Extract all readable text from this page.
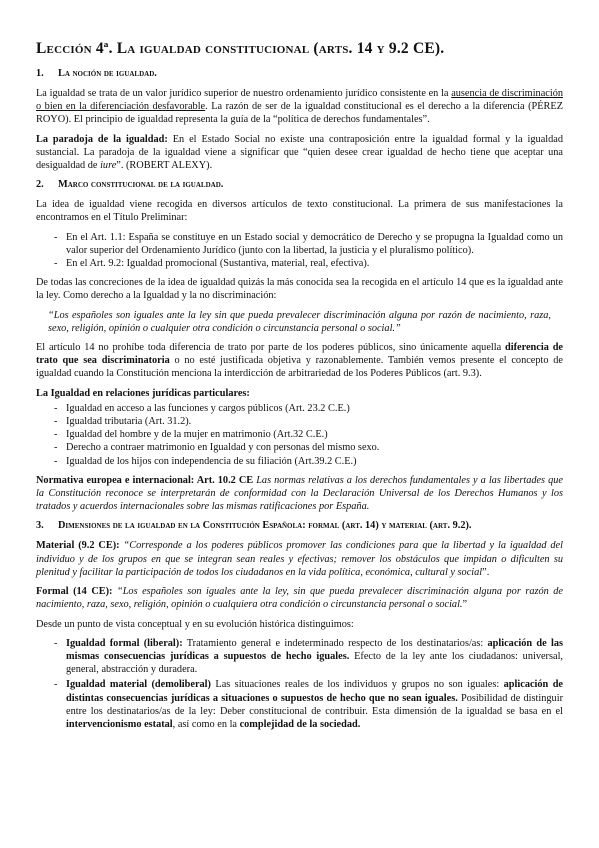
Lección 4ª. La igualdad constitucional (arts. 14 y 9.2 CE).
1. La noción de igualdad.

La igualdad se trata de un valor jurídico superior de nuestro ordenamiento jurídico consistente en la ausencia de discriminación o bien en la diferenciación desfavorable. La razón de ser de la igualdad constitucional es el derecho a la diferencia (PÉREZ ROYO). El principio de igualdad representa la guía de la “política de derechos fundamentales”.

La paradoja de la igualdad: En el Estado Social no existe una contraposición entre la igualdad formal y la igualdad sustancial. La paradoja de la igualdad viene a significar que “quien desee crear igualdad de hecho tiene que aceptar una desigualdad de iure”. (ROBERT ALEXY).

2. Marco constitucional de la igualdad.

La idea de igualdad viene recogida en diversos artículos de texto constitucional. La primera de sus manifestaciones la encontramos en el Título Preliminar:

- En el Art. 1.1: España se constituye en un Estado social y democrático de Derecho y se propugna la Igualdad como un valor superior del Ordenamiento Jurídico (junto con la libertad, la justicia y el pluralismo político).
- En el Art. 9.2: Igualdad promocional (Sustantiva, material, real, efectiva).

De todas las concreciones de la idea de igualdad quizás la más conocida sea la recogida en el artículo 14 que es la igualdad ante la ley. Como derecho a la Igualdad y la no discriminación:

“Los españoles son iguales ante la ley sin que pueda prevalecer discriminación alguna por razón de nacimiento, raza, sexo, religión, opinión o cualquier otra condición o circunstancia personal o social.”

El artículo 14 no prohíbe toda diferencia de trato por parte de los poderes públicos, sino únicamente aquella diferencia de trato que sea discriminatoria o no esté justificada objetiva y razonablemente. También vemos presente el concepto de igualdad cuando la Constitución menciona la interdicción de arbitrariedad de los Poderes Públicos (art. 9.3).

La Igualdad en relaciones jurídicas particulares:

- Igualdad en acceso a las funciones y cargos públicos (Art. 23.2 C.E.)
- Igualdad tributaria (Art. 31.2).
- Igualdad del hombre y de la mujer en matrimonio (Art.32 C.E.)
- Derecho a contraer matrimonio en Igualdad y con personas del mismo sexo.
- Igualdad de los hijos con independencia de su filiación (Art.39.2 C.E.)

Normativa europea e internacional: Art. 10.2 CE Las normas relativas a los derechos fundamentales y a las libertades que la Constitución reconoce se interpretarán de conformidad con la Declaración Universal de los Derechos Humanos y los tratados y acuerdos internacionales sobre las mismas ratificaciones por España.

3. Dimensiones de la igualdad en la Constitución Española: formal (art. 14) y material (art. 9.2).

Material (9.2 CE): “Corresponde a los poderes públicos promover las condiciones para que la libertad y la igualdad del individuo y de los grupos en que se integran sean reales y efectivas; remover los obstáculos que impidan o dificulten su plenitud y facilitar la participación de todos los ciudadanos en la vida política, económica, cultural y social”.

Formal (14 CE): “Los españoles son iguales ante la ley, sin que pueda prevalecer discriminación alguna por razón de nacimiento, raza, sexo, religión, opinión o cualquiera otra condición o circunstancia personal o social.”

Desde un punto de vista conceptual y en su evolución histórica distinguimos:

- Igualdad formal (liberal): Tratamiento general e indeterminado respecto de los destinatarios/as: aplicación de las mismas consecuencias jurídicas a supuestos de hecho iguales. Efecto de la ley ante los ciudadanos: universal, general, abstracción y duradera.
- Igualdad material (demoliberal) Las situaciones reales de los individuos y grupos no son iguales: aplicación de distintas consecuencias jurídicas a situaciones o supuestos de hecho que no sean iguales. Posibilidad de distinguir entre los destinatarios/as de la ley: Deber constitucional de contribuir. Esta dimensión de la igualdad se basa en el intervencionismo estatal, así como en la complejidad de la sociedad.
